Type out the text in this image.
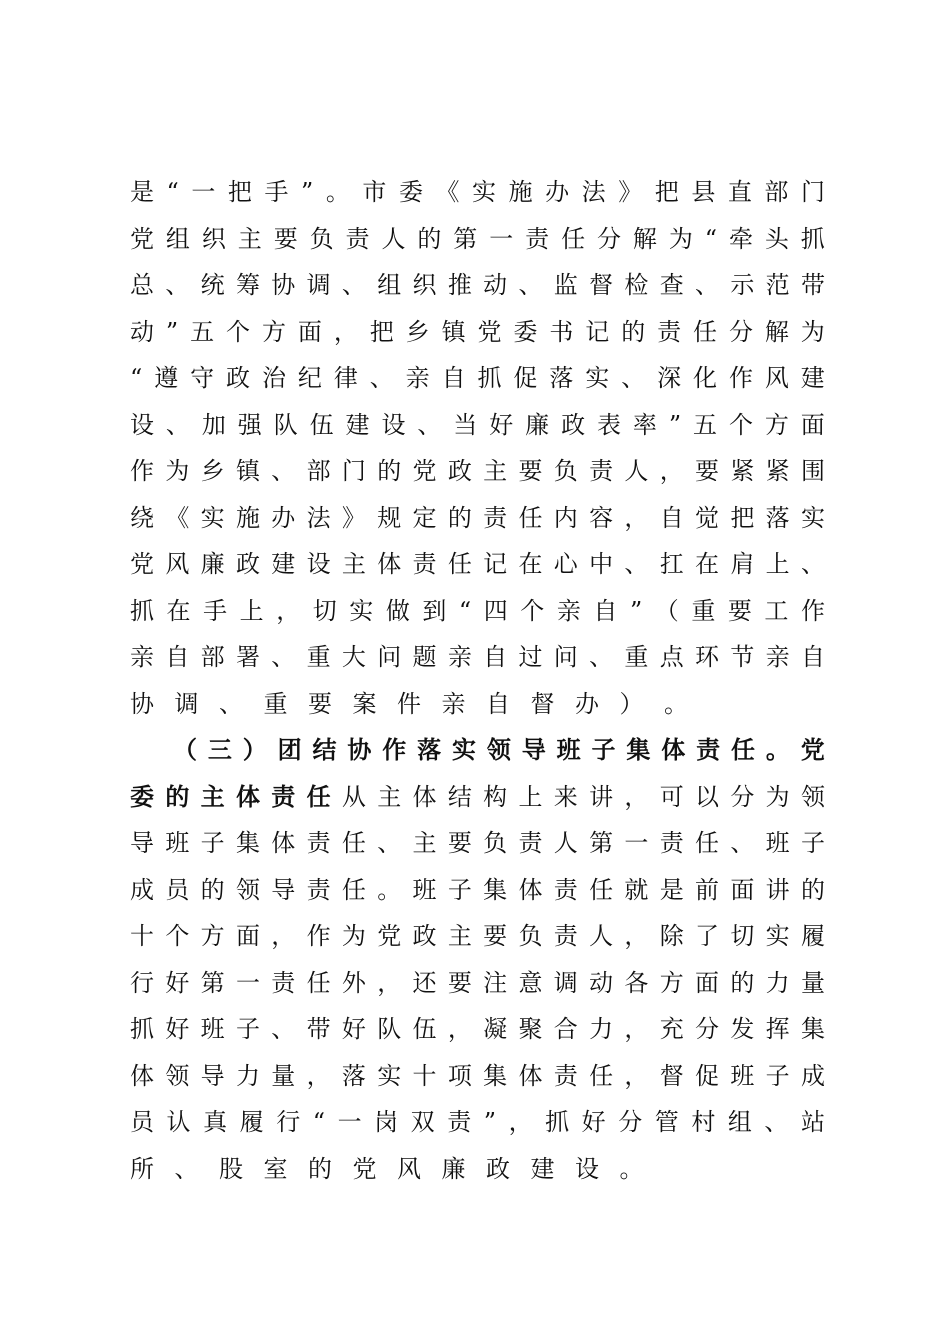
是 “ 一 把 手 ” 。 市 委 《 实 施 办 法 》 把 县 直 部 门
党 组 织 主 要 负 责 人 的 第 一 责 任 分 解 为 “ 牵 头 抓
总 、 统 筹 协 调 、 组 织 推 动 、 监 督 检 查 、 示 范 带
动 ” 五 个 方 面 ， 把 乡 镇 党 委 书 记 的 责 任 分 解 为
“ 遵 守 政 治 纪 律 、 亲 自 抓 促 落 实 、 深 化 作 风 建
设 、 加 强 队 伍 建 设 、 当 好 廉 政 表 率 ” 五 个 方 面
作 为 乡 镇 、 部 门 的 党 政 主 要 负 责 人 ， 要 紧 紧 围
绕 《 实 施 办 法 》 规 定 的 责 任 内 容 ， 自 觉 把 落 实
党 风 廉 政 建 设 主 体 责 任 记 在 心 中 、 扛 在 肩 上 、
抓 在 手 上 ， 切 实 做 到 “ 四 个 亲 自 ” （ 重 要 工 作
亲 自 部 署 、 重 大 问 题 亲 自 过 问 、 重 点 环 节 亲 自
协 调 、 重 要 案 件 亲 自 督 办 ） 。
（ 三 ） 团 结 协 作 落 实 领 导 班 子 集 体 责 任 。 党
委 的 主 体 责 任 从 主 体 结 构 上 来 讲 ， 可 以 分 为 领
导 班 子 集 体 责 任 、 主 要 负 责 人 第 一 责 任 、 班 子
成 员 的 领 导 责 任 。 班 子 集 体 责 任 就 是 前 面 讲 的
十 个 方 面 ， 作 为 党 政 主 要 负 责 人 ， 除 了 切 实 履
行 好 第 一 责 任 外 ， 还 要 注 意 调 动 各 方 面 的 力 量
抓 好 班 子 、 带 好 队 伍 ， 凝 聚 合 力 ， 充 分 发 挥 集
体 领 导 力 量 ， 落 实 十 项 集 体 责 任 ， 督 促 班 子 成
员 认 真 履 行 “ 一 岗 双 责 ” ， 抓 好 分 管 村 组 、 站
所 、 股 室 的 党 风 廉 政 建 设 。
